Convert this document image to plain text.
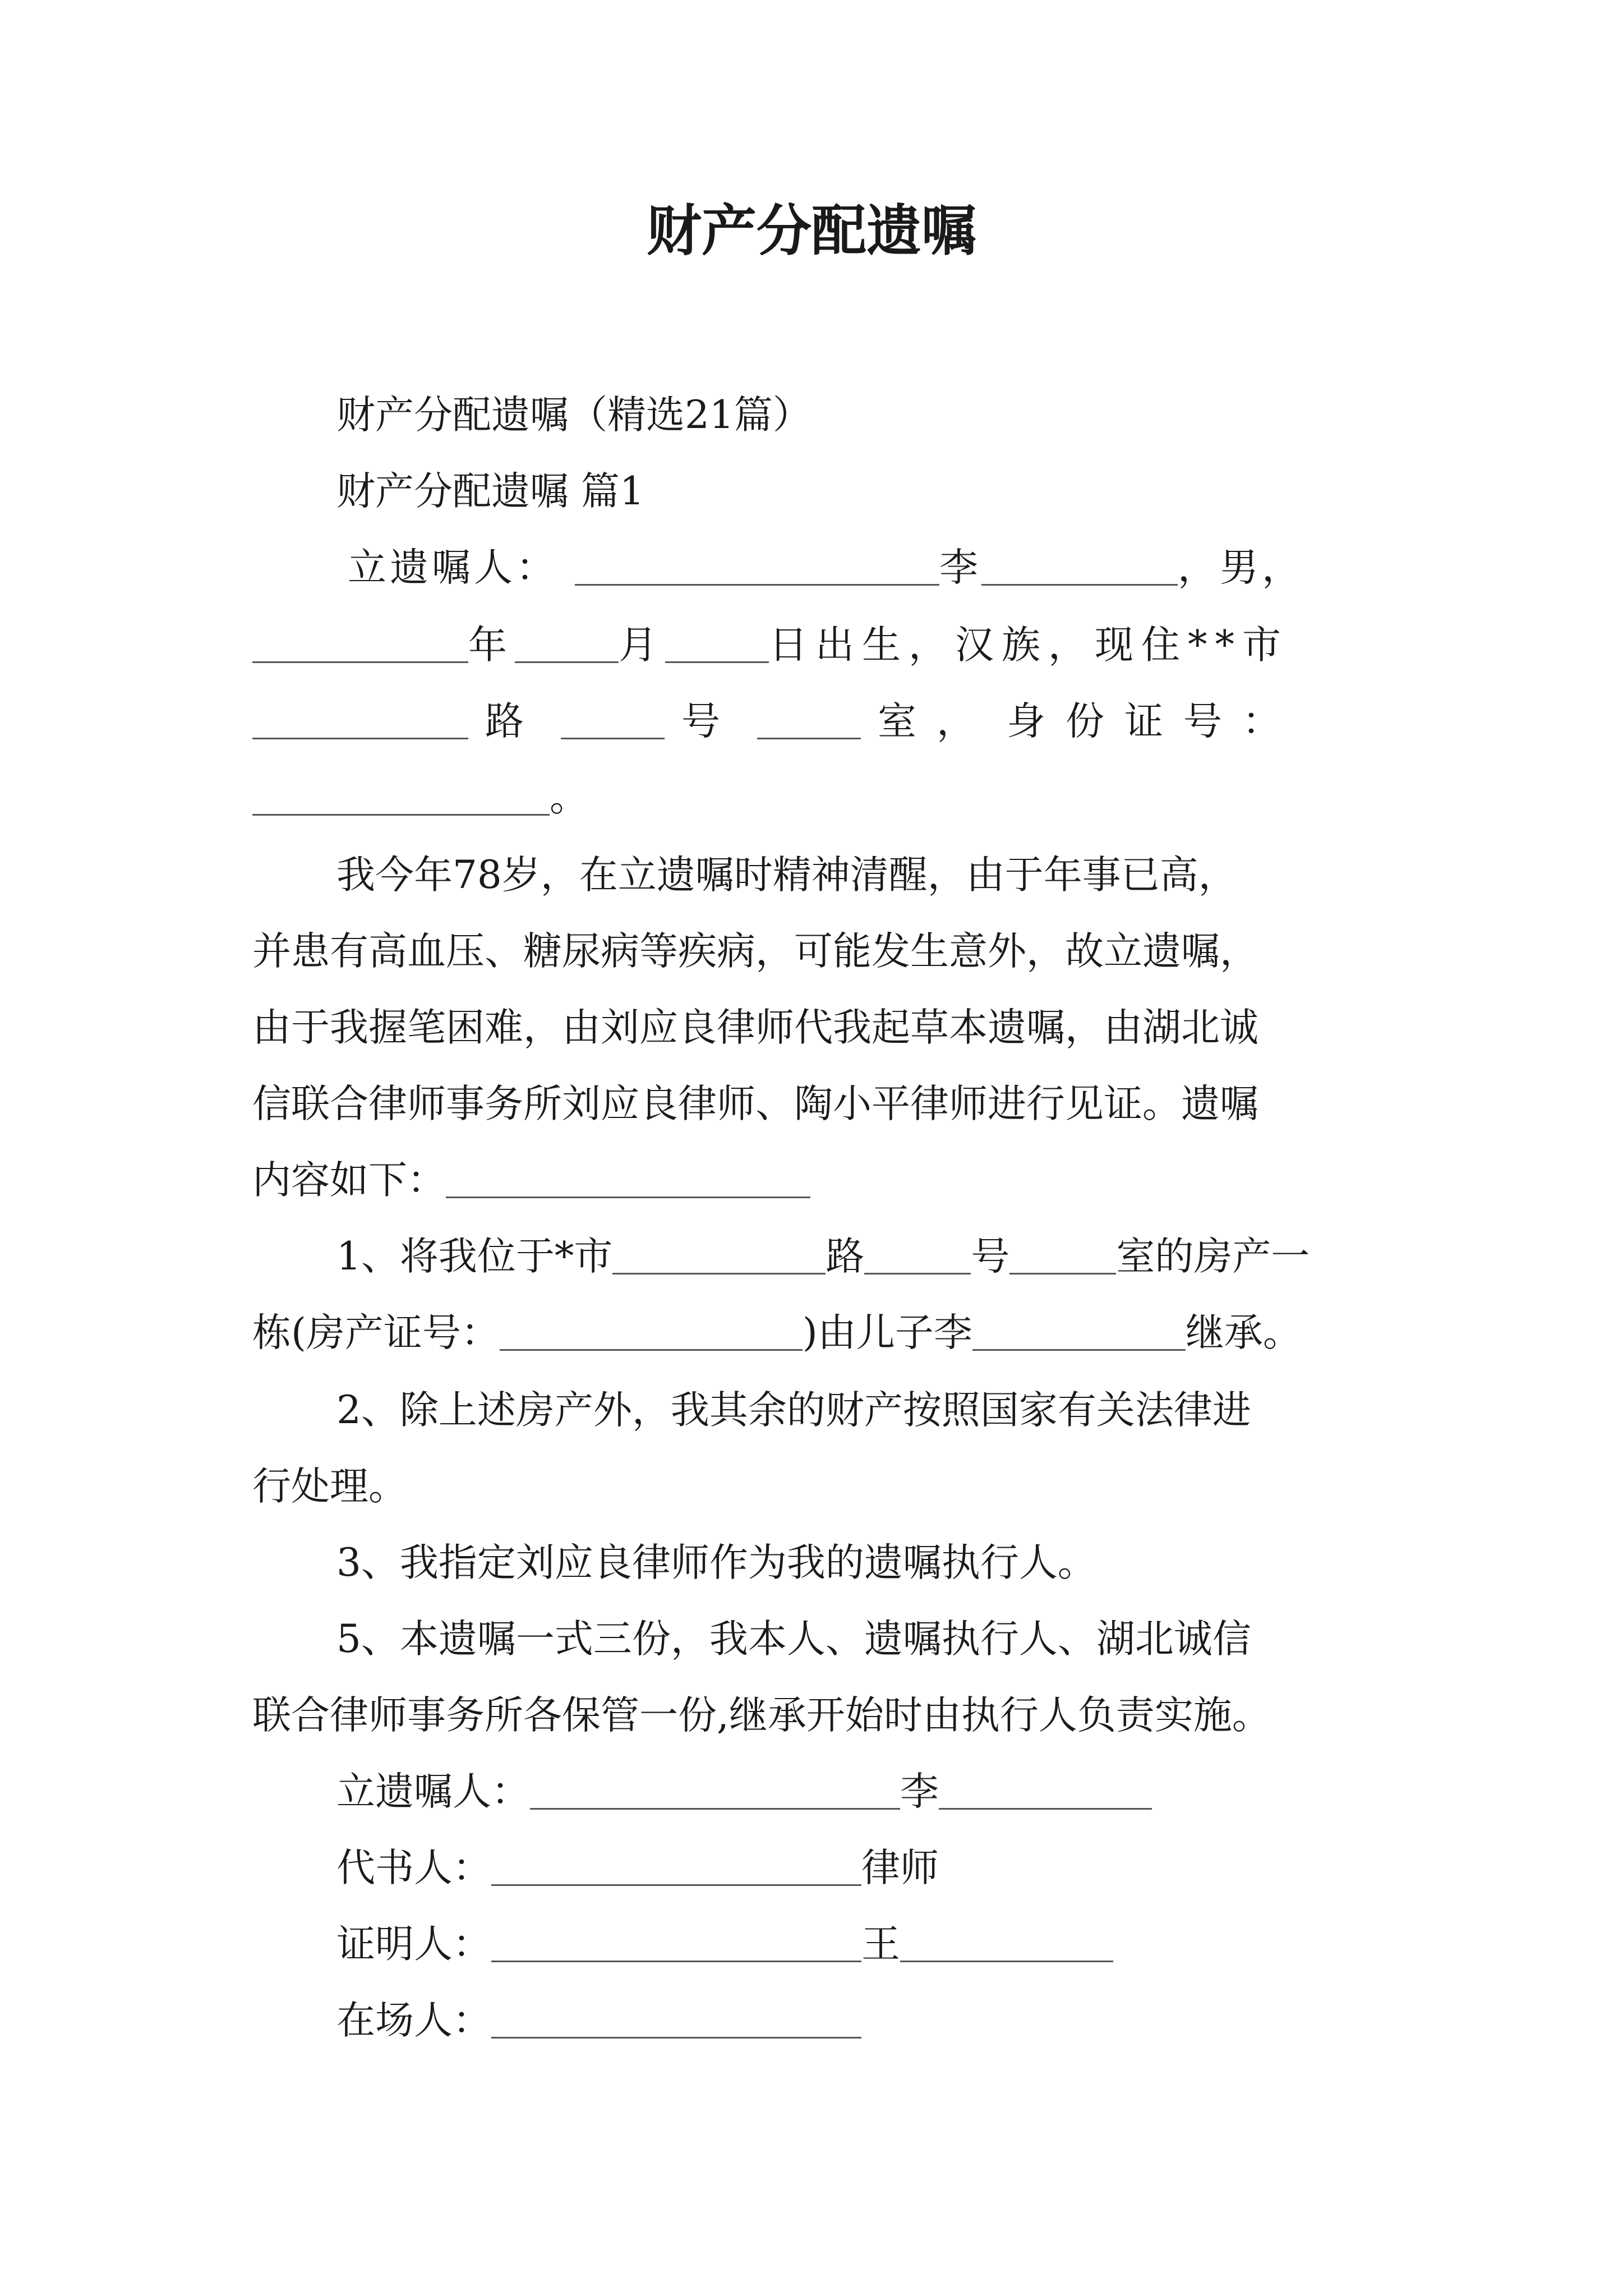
财产分配遗嘱
财产分配遗嘱（精选21篇）
财产分配遗嘱 篇1
立遗嘱人：	李	，男，
年	月	日出生，汉族，现住**市
路	号	室， 身份证号：
。
我今年78岁，在立遗嘱时精神清醒，由于年事已高，
并患有高血压、糖尿病等疾病，可能发生意外，故立遗嘱，
由于我握笔困难，由刘应良律师代我起草本遗嘱，由湖北诚
信联合律师事务所刘应良律师、陶小平律师进行见证。遗嘱
内容如下：
1、将我位于*市	路	号	室的房产一
栋(房产证号：	)由儿子李	继承。
2、除上述房产外，我其余的财产按照国家有关法律进
行处理。
3、我指定刘应良律师作为我的遗嘱执行人。
5、本遗嘱一式三份，我本人、遗嘱执行人、湖北诚信
联合律师事务所各保管一份,继承开始时由执行人负责实施。
立遗嘱人：	李
代书人：	律师
证明人：	王
在场人：
